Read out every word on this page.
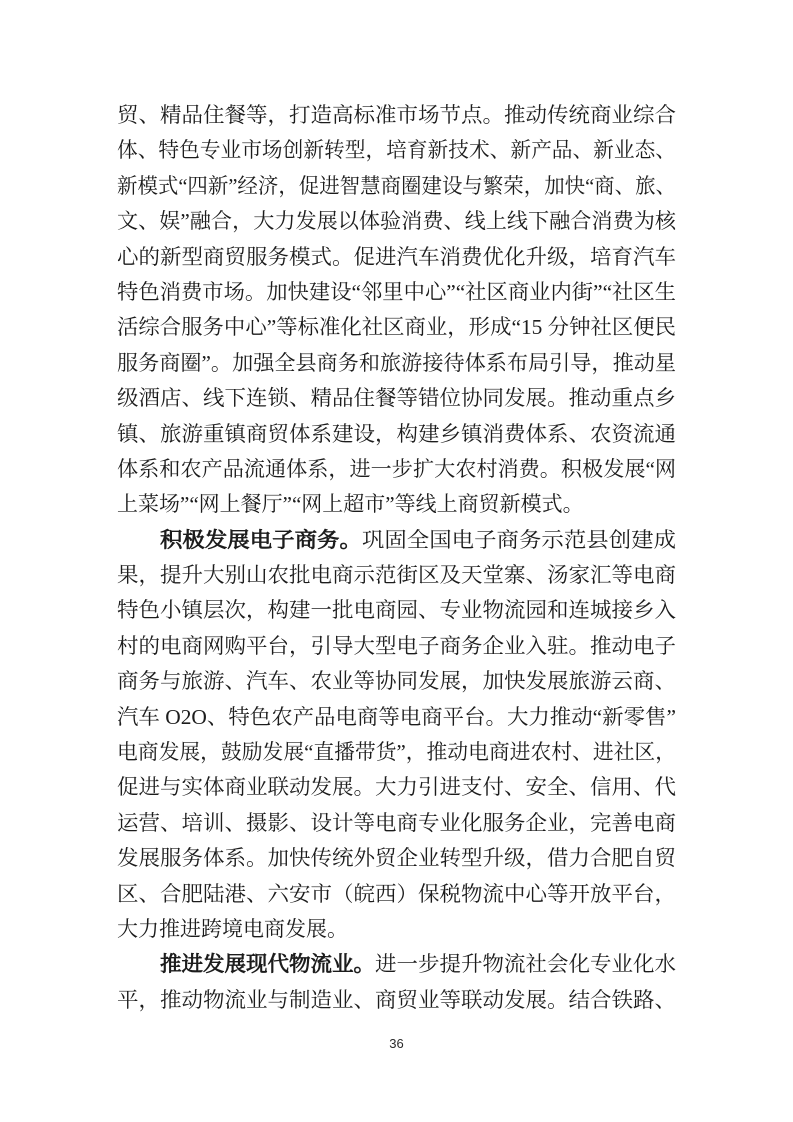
贸、精品住餐等，打造高标准市场节点。推动传统商业综合
体、特色专业市场创新转型，培育新技术、新产品、新业态、
新模式“四新”经济，促进智慧商圈建设与繁荣，加快“商、旅、
文、娱”融合，大力发展以体验消费、线上线下融合消费为核
心的新型商贸服务模式。促进汽车消费优化升级，培育汽车
特色消费市场。加快建设“邻里中心”“社区商业内街”“社区生
活综合服务中心”等标准化社区商业，形成“15 分钟社区便民
服务商圈”。加强全县商务和旅游接待体系布局引导，推动星
级酒店、线下连锁、精品住餐等错位协同发展。推动重点乡
镇、旅游重镇商贸体系建设，构建乡镇消费体系、农资流通
体系和农产品流通体系，进一步扩大农村消费。积极发展“网
上菜场”“网上餐厅”“网上超市”等线上商贸新模式。
积极发展电子商务。巩固全国电子商务示范县创建成
果，提升大别山农批电商示范街区及天堂寨、汤家汇等电商
特色小镇层次，构建一批电商园、专业物流园和连城接乡入
村的电商网购平台，引导大型电子商务企业入驻。推动电子
商务与旅游、汽车、农业等协同发展，加快发展旅游云商、
汽车 O2O、特色农产品电商等电商平台。大力推动“新零售”
电商发展，鼓励发展“直播带货”，推动电商进农村、进社区，
促进与实体商业联动发展。大力引进支付、安全、信用、代
运营、培训、摄影、设计等电商专业化服务企业，完善电商
发展服务体系。加快传统外贸企业转型升级，借力合肥自贸
区、合肥陆港、六安市（皖西）保税物流中心等开放平台，
大力推进跨境电商发展。
推进发展现代物流业。进一步提升物流社会化专业化水
平，推动物流业与制造业、商贸业等联动发展。结合铁路、
36
